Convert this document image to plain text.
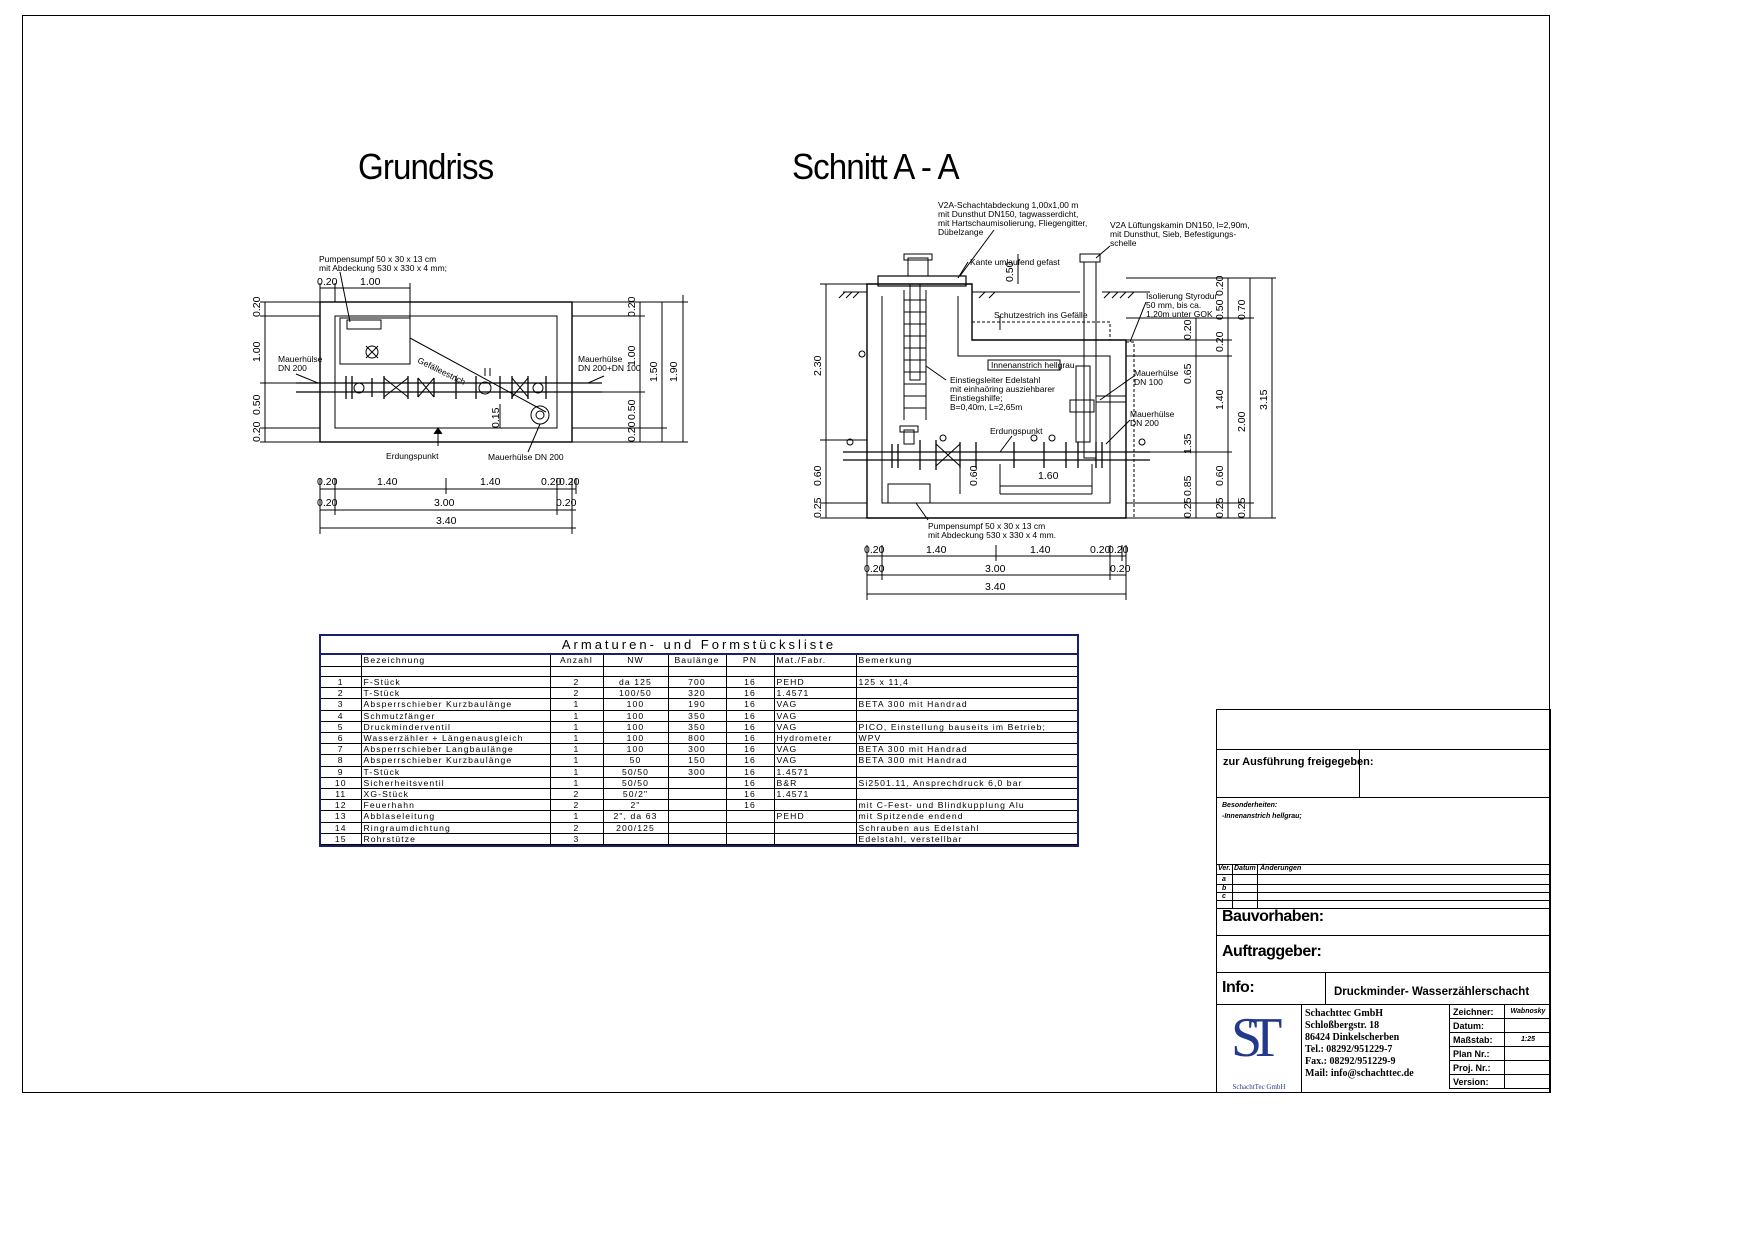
Grundriss	Schnitt A - A
Pumpensumpf 50 x 30 x 13 cm
mit Abdeckung 530 x 330 x 4 mm;
Mauerhülse
DN 200
Mauerhülse
DN 200+DN 100
Gefälleestrich
Erdungspunkt	Mauerhülse DN 200
0.15
0.20 1.00
0.20
1.00
0.50
0.20
0.20
1.00
0.50
0.20
1.50 1.90
0.20	1.40	1.40	0.20
0.20
0.20	3.00	0.20
3.40
V2A-Schachtabdeckung 1,00x1,00 m
mit Dunsthut DN150, tagwasserdicht,
mit Hartschaumisolierung, Fliegengitter,
Dübelzange
V2A Lüftungskamin DN150, l=2,90m,
mit Dunsthut, Sieb, Befestigungs-
schelle
Kante umlaufend gefast
Schutzestrich ins Gefälle
Isolierung Styrodur
50 mm, bis ca.
1,20m unter GOK
Innenanstrich hellgrau
Einstiegsleiter Edelstahl
mit einhaöring ausziehbarer
Einstiegshilfe;
B=0,40m, L=2,65m
Mauerhülse
DN 100
Mauerhülse
DN 200
Erdungspunkt
Pumpensumpf 50 x 30 x 13 cm
mit Abdeckung 530 x 330 x 4 mm.
0.50
1.60
0.60
2.30
0.60
0.25
0.20
0.65
1.35
0.85
0.25
0.20
0.50
0.20
1.40
0.60
0.25
0.70
2.00
0.25
3.15
0.20	1.40	1.40	0.20
0.20
0.20	3.00	0.20
3.40
Armaturen- und Formstücksliste
	Bezeichnung	Anzahl	NW	Baulänge	PN	Mat./Fabr.	Bemerkung

1	F-Stück	2	da 125	700	16	PEHD	125 x 11,4
2	T-Stück	2	100/50	320	16	1.4571	
3	Absperrschieber Kurzbaulänge	1	100	190	16	VAG	BETA 300 mit Handrad
4	Schmutzfänger	1	100	350	16	VAG	
5	Druckminderventil	1	100	350	16	VAG	PICO, Einstellung bauseits im Betrieb;
6	Wasserzähler + Längenausgleich	1	100	800	16	Hydrometer	WPV
7	Absperrschieber Langbaulänge	1	100	300	16	VAG	BETA 300 mit Handrad
8	Absperrschieber Kurzbaulänge	1	50	150	16	VAG	BETA 300 mit Handrad
9	T-Stück	1	50/50	300	16	1.4571	
10	Sicherheitsventil	1	50/50		16	B&R	Si2501.11, Ansprechdruck 6,0 bar
11	XG-Stück	2	50/2"		16	1.4571	
12	Feuerhahn	2	2"		16		mit C-Fest- und Blindkupplung Alu
13	Abblaseleitung	1	2", da 63			PEHD	mit Spitzende endend
14	Ringraumdichtung	2	200/125				Schrauben aus Edelstahl
15	Rohrstütze	3					Edelstahl, verstellbar
zur Ausführung freigegeben:
Besonderheiten:
-Innenanstrich hellgrau;
Ver. Datum Änderungen
a
b
c
Bauvorhaben:
Auftraggeber:
Info:	Druckminder- Wasserzählerschacht
ST
SchachtTec GmbH
Schachttec GmbH
Schloßbergstr. 18
86424 Dinkelscherben
Tel.: 08292/951229-7
Fax.: 08292/951229-9
Mail: info@schachttec.de
Zeichner:	Wabnosky
Datum:	
Maßstab:	1:25
Plan Nr.:	
Proj. Nr.:	
Version:	
